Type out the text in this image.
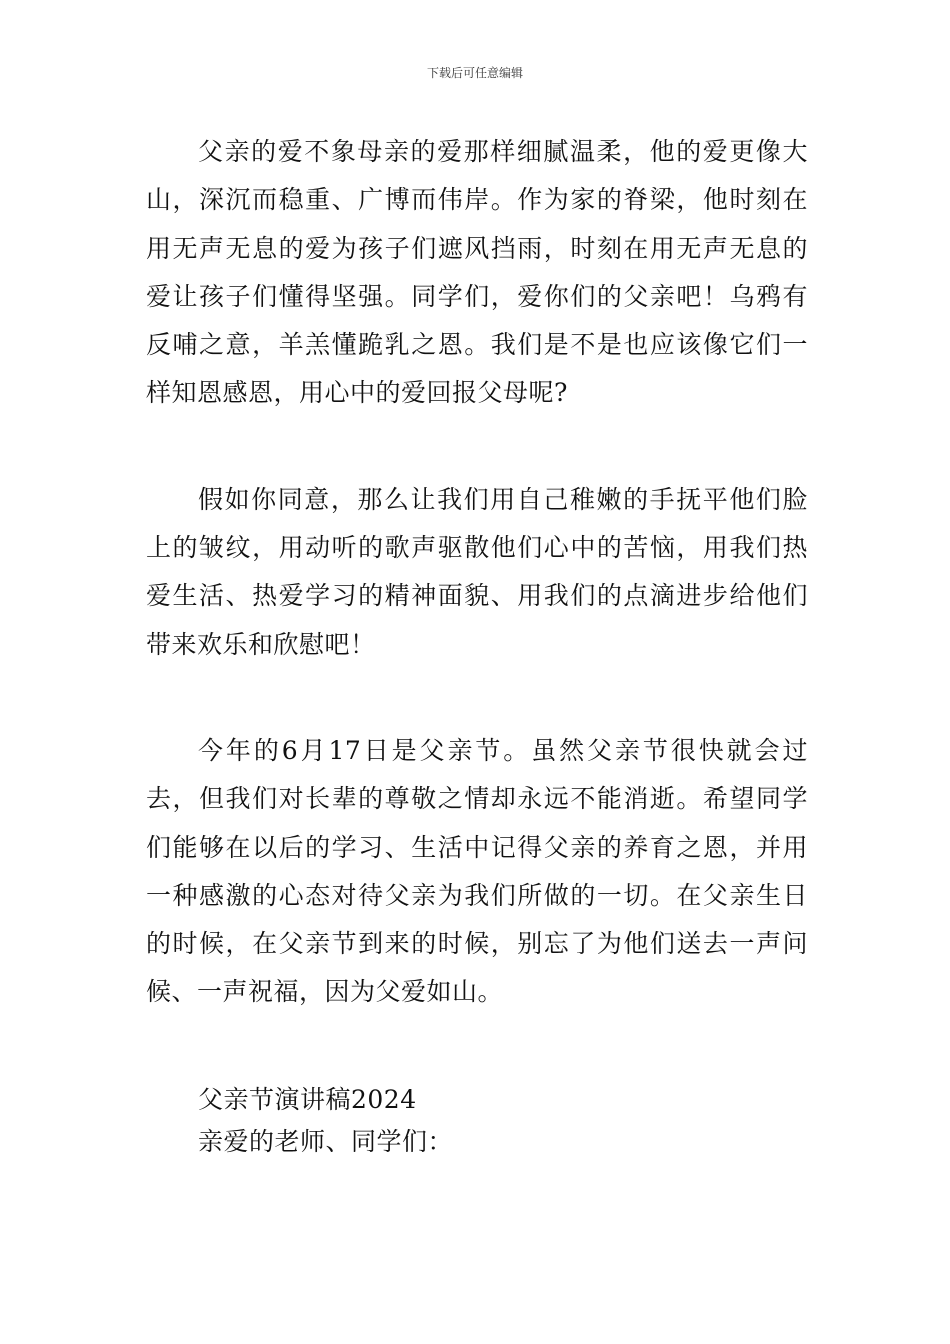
下载后可任意编辑

父亲的爱不象母亲的爱那样细腻温柔，他的爱更像大山，深沉而稳重、广博而伟岸。作为家的脊梁，他时刻在用无声无息的爱为孩子们遮风挡雨，时刻在用无声无息的爱让孩子们懂得坚强。同学们，爱你们的父亲吧！乌鸦有反哺之意，羊羔懂跪乳之恩。我们是不是也应该像它们一样知恩感恩，用心中的爱回报父母呢?

假如你同意，那么让我们用自己稚嫩的手抚平他们脸上的皱纹，用动听的歌声驱散他们心中的苦恼，用我们热爱生活、热爱学习的精神面貌、用我们的点滴进步给他们带来欢乐和欣慰吧！

今年的6月17日是父亲节。虽然父亲节很快就会过去，但我们对长辈的尊敬之情却永远不能消逝。希望同学们能够在以后的学习、生活中记得父亲的养育之恩，并用一种感激的心态对待父亲为我们所做的一切。在父亲生日的时候，在父亲节到来的时候，别忘了为他们送去一声问候、一声祝福，因为父爱如山。

父亲节演讲稿2024

亲爱的老师、同学们：
